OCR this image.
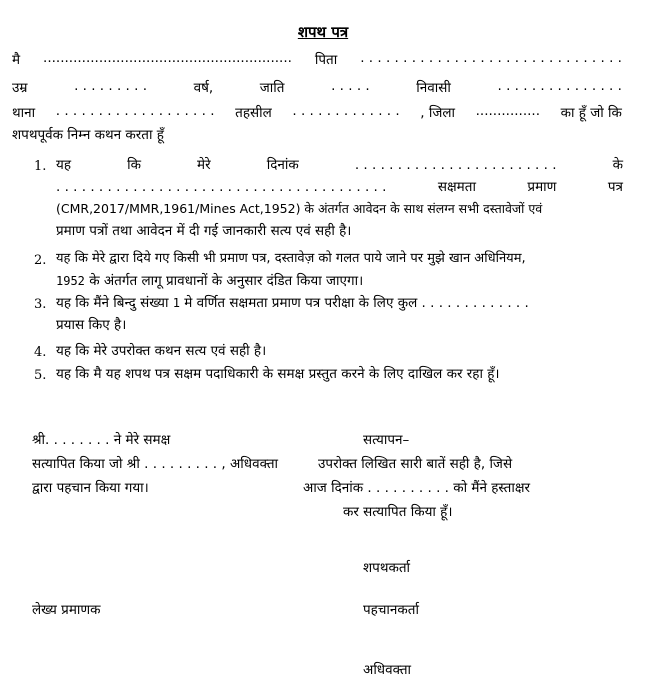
शपथ पत्र
मै .......................................................... पिता . . . . . . . . . . . . . . . . . . . . . . . . . . . . . . .
उम्र	. . . . . . . . .	वर्ष,	जाति	. . . . .	निवासी	. . . . . . . . . . . . . . .
थाना . . . . . . . . . . . . . . . . . . . तहसील . . . . . . . . . . . . . , जिला ............... का हूँ जो कि
शपथपूर्वक निम्न कथन करता हूँ
1. यह	कि	मेरे	दिनांक	. . . . . . . . . . . . . . . . . . . . . . . .	के
. . . . . . . . . . . . . . . . . . . . . . . . . . . . . . . . . . . . . . .	सक्षमता	प्रमाण	पत्र
(CMR,2017/MMR,1961/Mines Act,1952) के अंतर्गत आवेदन के साथ संलग्न सभी दस्तावेजों एवं
प्रमाण पत्रों तथा आवेदन में दी गई जानकारी सत्य एवं सही है।
2. यह कि मेरे द्वारा दिये गए किसी भी प्रमाण पत्र, दस्तावेज़ को गलत पाये जाने पर मुझे खान अधिनियम,
1952 के अंतर्गत लागू प्रावधानों के अनुसार दंडित किया जाएगा।
3. यह कि मैंने बिन्दु संख्या 1 मे वर्णित सक्षमता प्रमाण पत्र परीक्षा के लिए कुल . . . . . . . . . . . . .
प्रयास किए है।
4. यह कि मेरे उपरोक्त कथन सत्य एवं सही है।
5. यह कि मै यह शपथ पत्र सक्षम पदाधिकारी के समक्ष प्रस्तुत करने के लिए दाखिल कर रहा हूँ।
श्री. . . . . . . . ने मेरे समक्ष
सत्यापित किया जो श्री . . . . . . . . . , अधिवक्ता
द्वारा पहचान किया गया।
सत्यापन–
उपरोक्त लिखित सारी बातें सही है, जिसे
आज दिनांक . . . . . . . . . . को मैंने हस्ताक्षर
कर सत्यापित किया हूँ।
शपथकर्ता
लेख्य प्रमाणक	पहचानकर्ता
अधिवक्ता
